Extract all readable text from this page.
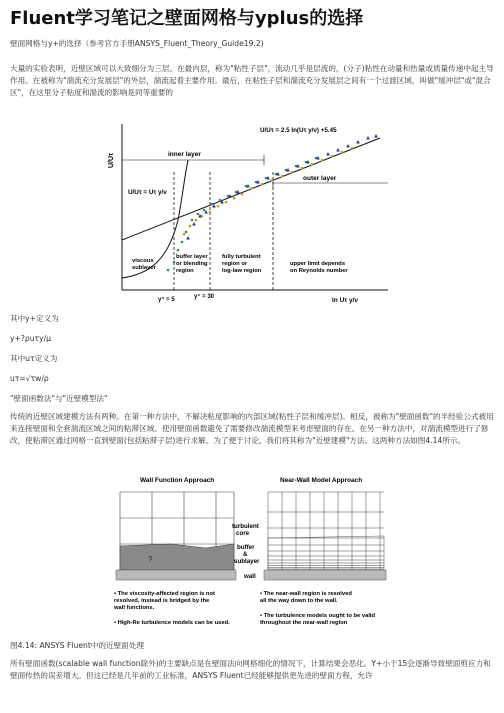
Fluent学习笔记之壁面网格与yplus的选择

壁面网格与y+的选择（参考官方手册ANSYS_Fluent_Theory_Guide19.2)

大量的实验表明，近壁区域可以大致细分为三层。在最内层，称为"粘性子层"，流动几乎是层流的，(分子)粘性在动量和热量或质量传递中起主导作用。在被称为"湍流充分发展层"的外层，湍流起着主要作用。最后，在粘性子层和湍流充分发展层之间有一个过渡区域，叫做"缓冲层"或"混合区"，在这里分子粘度和湍流的影响是同等重要的

U/Uτ
ln Uτ y/ν
U/Uτ = 2.5 ln(Uτ y/ν) +5.45
U/Uτ = Uτ y/ν
inner layer
outer layer
viscous
sublayer
buffer layer
or blending
region
fully turbulent
region or
log-law region
upper limit depends
on Reynolds number
y⁺ = 5	y⁺ = 30

其中y+定义为

y+?ρuτy/μ

其中uτ定义为

uτ=√τw/ρ

"壁面函数法"与"近壁模型法"

传统的近壁区域建模方法有两种。在第一种方法中，不解决粘度影响的内部区域(粘性子层和缓冲层)。相反，被称为"壁面函数"的半经验公式被用来连接壁面和全套湍流区域之间的粘滞区域。使用壁面函数避免了需要修改湍流模型来考虑壁面的存在。在另一种方法中，对湍流模型进行了修改，使粘滞区通过网格一直到壁面(包括粘滞子层)进行求解。为了便于讨论，我们将其称为"近壁建模"方法。这两种方法如图4.14所示。

?
turbulent
core
buffer
&
sublayer
wall
Wall Function Approach	Near-Wall Model Approach
• The viscosity-affected region is not
resolved, instead is bridged by the
wall functions.
• High-Re turbulence models can be used.
• The near-wall region is resolved
all the way down to the wall.
• The turbulence models ought to be valid
throughout the near-wall region

图4.14: ANSYS Fluent中的近壁面处理

所有壁面函数(scalable wall function除外)的主要缺点是在壁面法向网格细化的情况下，计算结果会恶化。Y+小于15会逐渐导致壁面剪应力和壁面传热的误差增大。但这已经是几年前的工业标准，ANSYS Fluent已经能够提供更先进的壁面方程，允许
